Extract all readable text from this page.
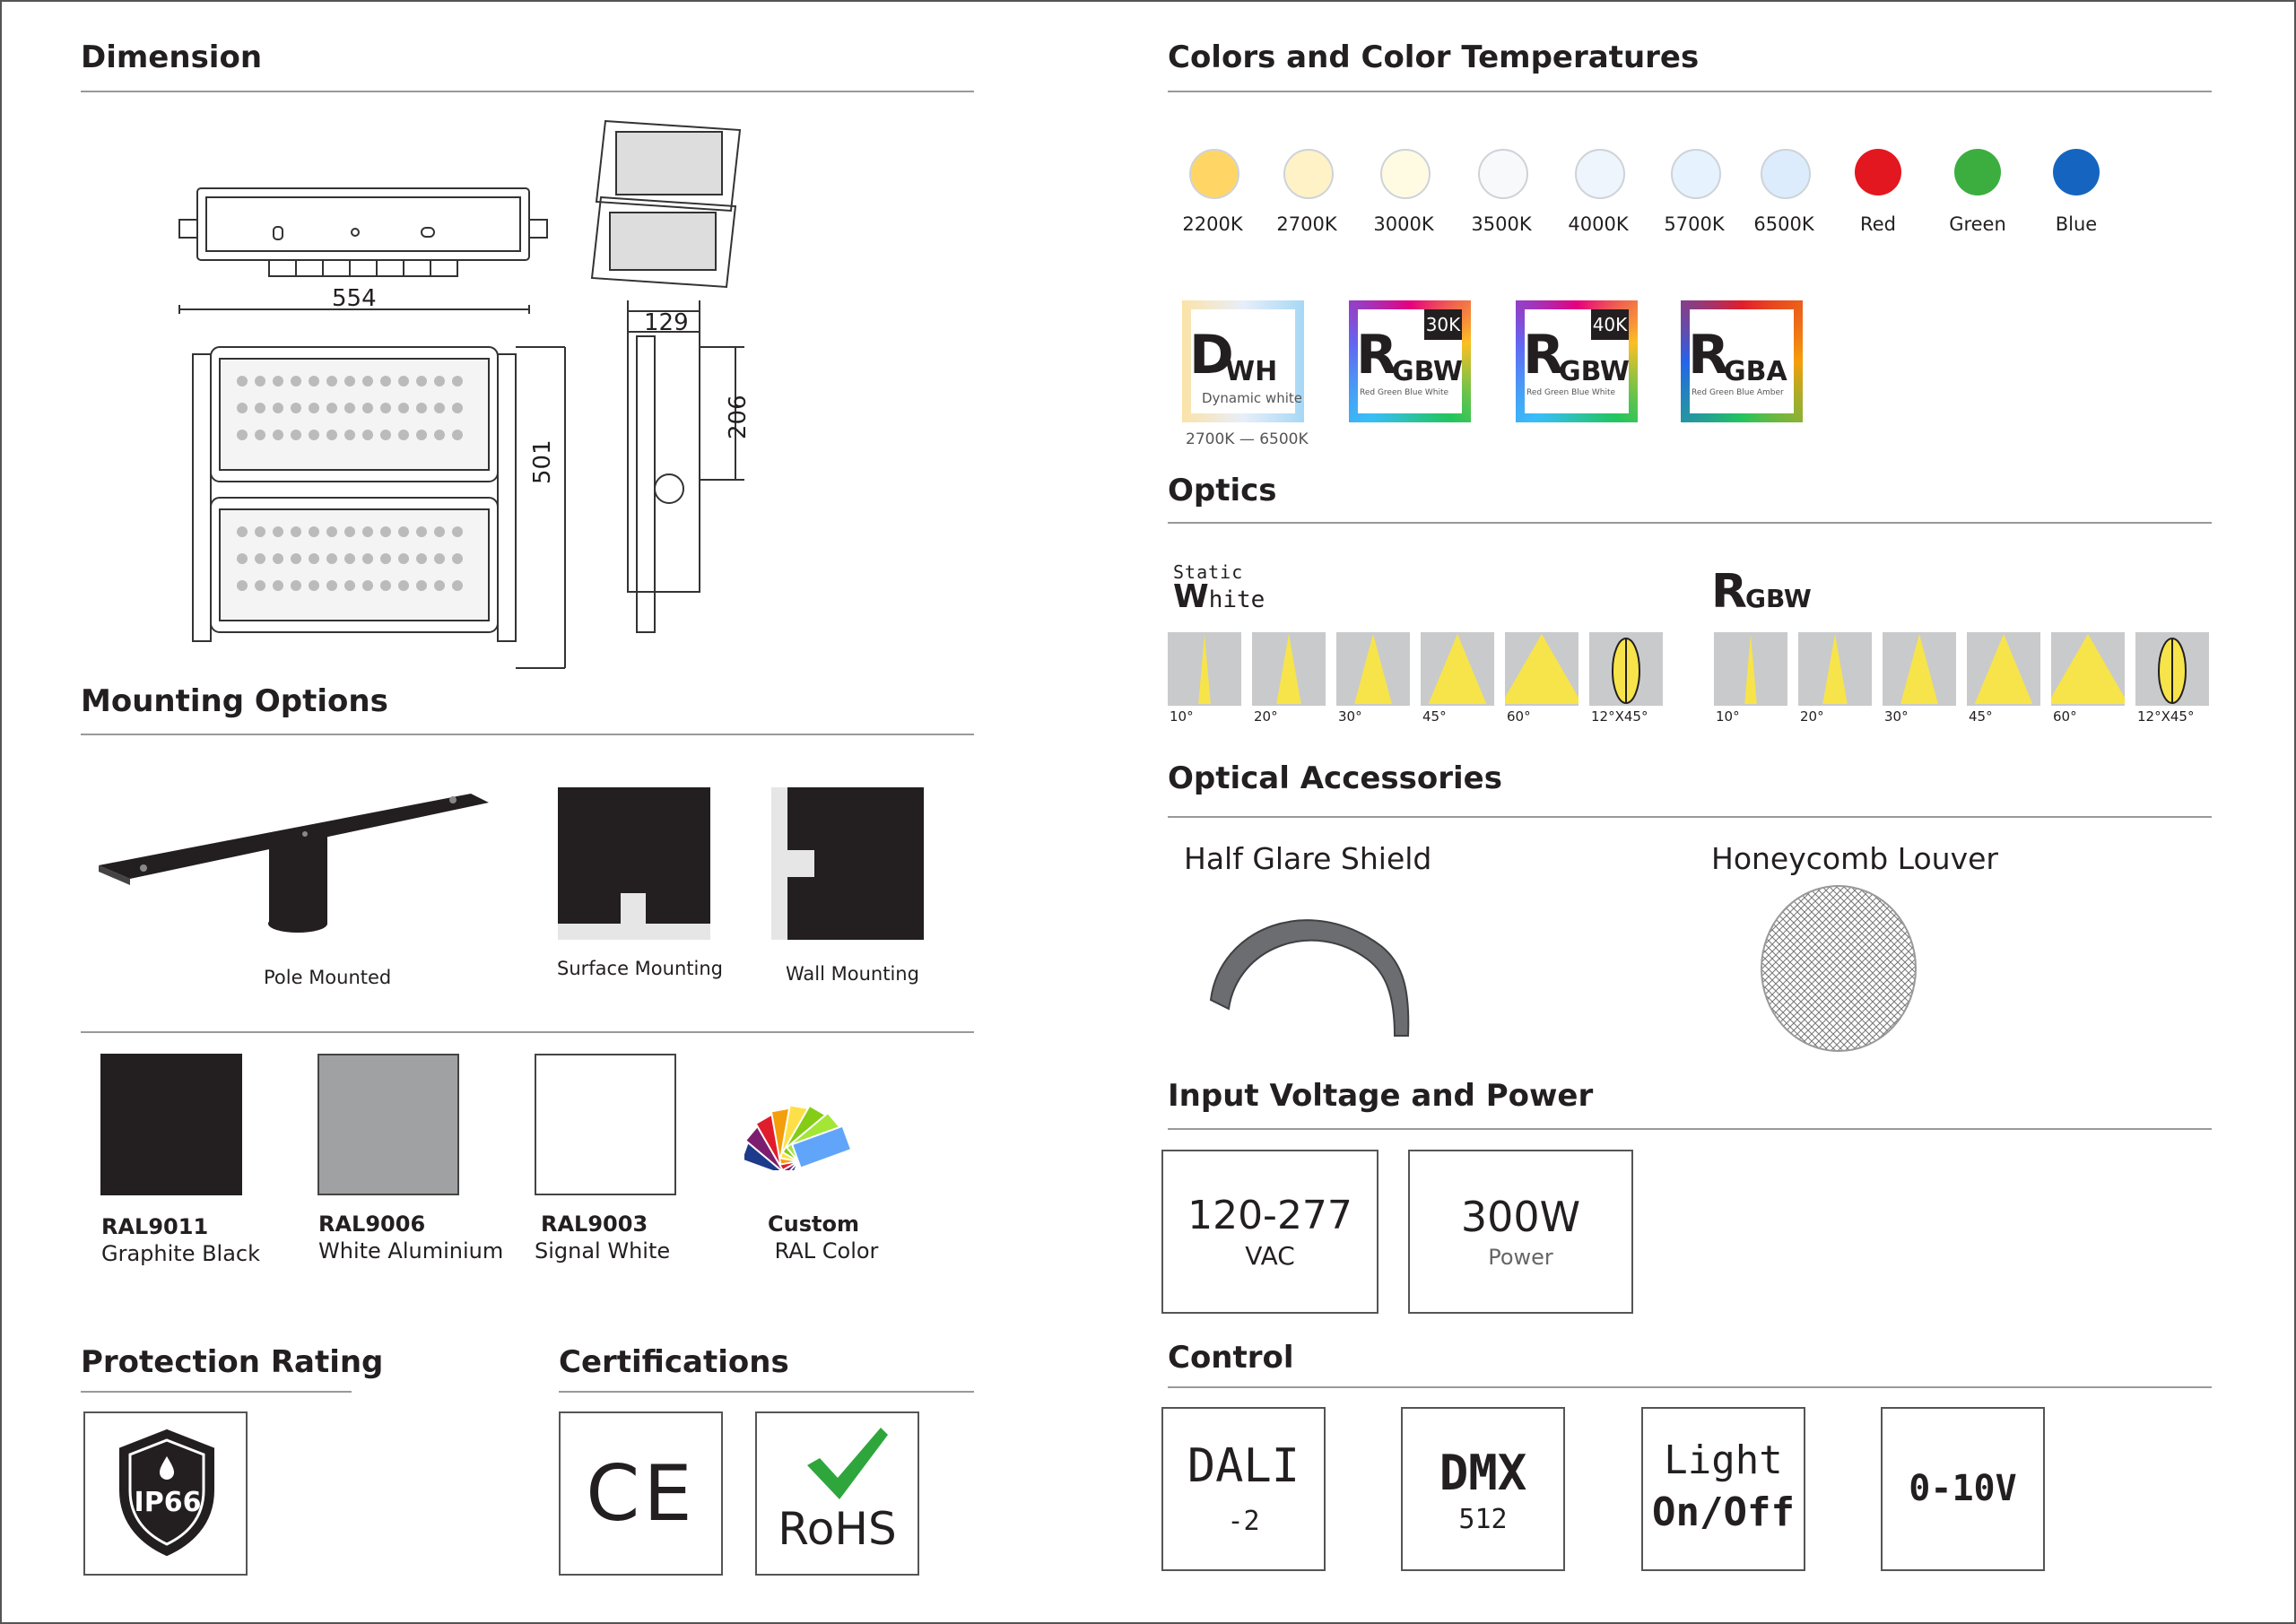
Dimension
554
129
501
206
Mounting Options
Pole Mounted	Surface Mounting	Wall Mounting
RAL9011
Graphite Black
RAL9006
White Aluminium
RAL9003
Signal White
Custom
RAL Color
Protection Rating
IP66
Certifications
CE	RoHS
Colors and Color Temperatures
2200K	2700K	3000K	3500K	4000K	5700K	6500K	Red	Green	Blue
D
WH
Dynamic white
2700K — 6500K
30K
R
GBW
Red Green Blue White
40K
R
GBW
Red Green Blue White
R
GBA
Red Green Blue Amber
Optics
Static
White	RGBW
10°	20°	30°	45°	60°	12°X45°	10°	20°	30°	45°	60°	12°X45°
Optical Accessories
Half Glare Shield	Honeycomb Louver
Input Voltage and Power
120-277
VAC
300W
Power
Control
DALI
-2
DMX
512
Light
On/Off
0-10V
